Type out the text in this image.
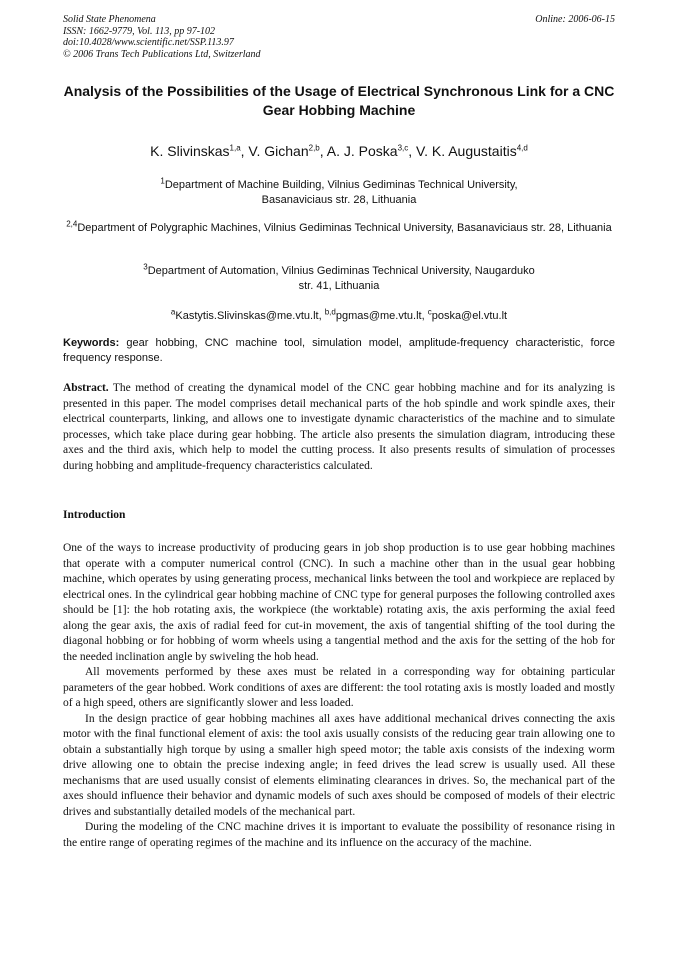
Solid State Phenomena
ISSN: 1662-9779, Vol. 113, pp 97-102
doi:10.4028/www.scientific.net/SSP.113.97
© 2006 Trans Tech Publications Ltd, Switzerland
Online: 2006-06-15
Analysis of the Possibilities of the Usage of Electrical Synchronous Link for a CNC Gear Hobbing Machine
K. Slivinskas$^{1,a}$, V. Gichan$^{2,b}$, A. J. Poska$^{3,c}$, V. K. Augustaitis$^{4,d}$
$^1$Department of Machine Building, Vilnius Gediminas Technical University, Basanaviciaus str. 28, Lithuania
$^{2,4}$Department of Polygraphic Machines, Vilnius Gediminas Technical University, Basanaviciaus str. 28, Lithuania
$^3$Department of Automation, Vilnius Gediminas Technical University, Naugarduko str. 41, Lithuania
$^a$Kastytis.Slivinskas@me.vtu.lt, $^{b,d}$pgmas@me.vtu.lt, $^c$poska@el.vtu.lt
Keywords: gear hobbing, CNC machine tool, simulation model, amplitude-frequency characteristic, force frequency response.

Abstract. The method of creating the dynamical model of the CNC gear hobbing machine and for its analyzing is presented in this paper. The model comprises detail mechanical parts of the hob spindle and work spindle axes, their electrical counterparts, linking, and allows one to investigate dynamic characteristics of the machine and to simulate processes, which take place during gear hobbing. The article also presents the simulation diagram, introducing these axes and the third axis, which help to model the cutting process. It also presents results of simulation of processes during hobbing and amplitude-frequency characteristics calculated.

Introduction

One of the ways to increase productivity of producing gears in job shop production is to use gear hobbing machines that operate with a computer numerical control (CNC). In such a machine other than in the usual gear hobbing machine, which operates by using generating process, mechanical links between the tool and workpiece are replaced by electrical ones. In the cylindrical gear hobbing machine of CNC type for general purposes the following controlled axes should be [1]: the hob rotating axis, the workpiece (the worktable) rotating axis, the axis performing the axial feed along the gear axis, the axis of radial feed for cut-in movement, the axis of tangential shifting of the tool during the diagonal hobbing or for hobbing of worm wheels using a tangential method and the axis for the setting of the hob for the needed inclination angle by swiveling the hob head.

All movements performed by these axes must be related in a corresponding way for obtaining particular parameters of the gear hobbed. Work conditions of axes are different: the tool rotating axis is mostly loaded and mostly of a high speed, others are significantly slower and less loaded.

In the design practice of gear hobbing machines all axes have additional mechanical drives connecting the axis motor with the final functional element of axis: the tool axis usually consists of the reducing gear train allowing one to obtain a substantially high torque by using a smaller high speed motor; the table axis consists of the indexing worm drive allowing one to obtain the precise indexing angle; in feed drives the lead screw is usually used. All these mechanisms that are used usually consist of elements eliminating clearances in drives. So, the mechanical part of the axes should influence their behavior and dynamic models of such axes should be composed of models of their electric drives and substantially detailed models of the mechanical part.

During the modeling of the CNC machine drives it is important to evaluate the possibility of resonance rising in the entire range of operating regimes of the machine and its influence on the accuracy of the machine.
